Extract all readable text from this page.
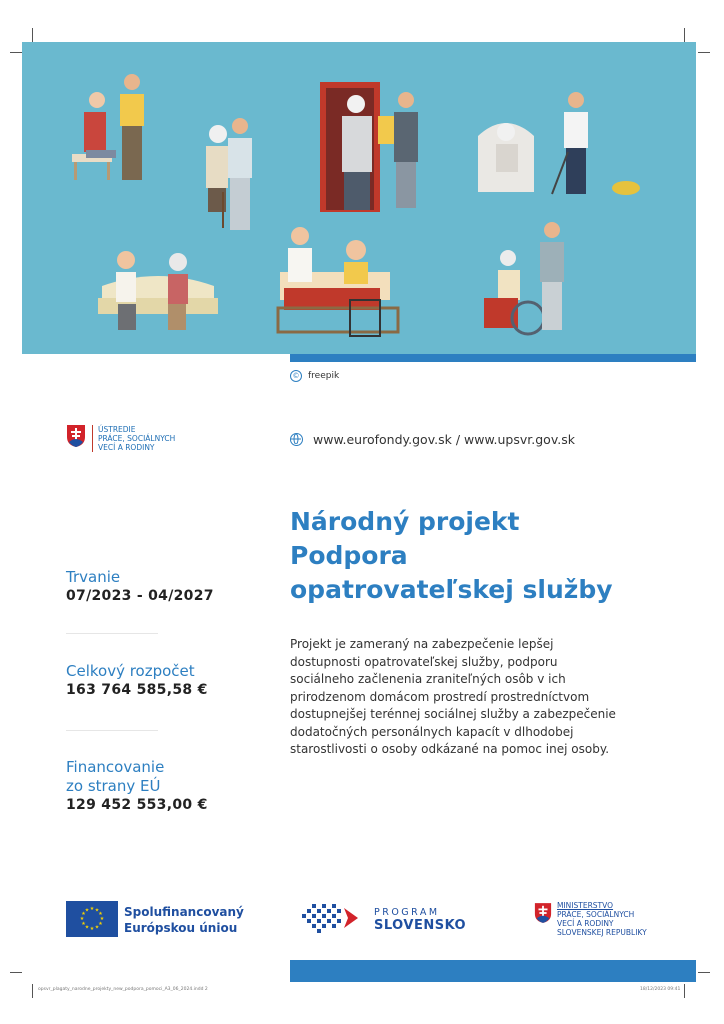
© freepik
ÚSTREDIE
PRÁCE, SOCIÁLNYCH
VECÍ A RODINY
www.eurofondy.gov.sk / www.upsvr.gov.sk
Národný projekt
Podpora
opatrovateľskej služby
Projekt je zameraný na zabezpečenie lepšej dostupnosti opatrovateľskej služby, podporu sociálneho začlenenia zraniteľných osôb v ich prirodzenom domácom prostredí prostredníctvom dostupnejšej terénnej sociálnej služby a zabezpečenie dodatočných personálnych kapacít v dlhodobej starostlivosti o osoby odkázané na pomoc inej osoby.
Trvanie
07/2023 - 04/2027
Celkový rozpočet
163 764 585,58 €
Financovanie
zo strany EÚ
129 452 553,00 €
★ ★
★
★
★
★
★
★
★
★
★
★	Spolufinancovaný
Európskou úniou
PROGRAM
SLOVENSKO
MINISTERSTVO
PRÁCE, SOCIÁLNYCH
VECÍ A RODINY
SLOVENSKEJ REPUBLIKY
opsvr_plagaty_narodne_projekty_new_podpora_pomoci_A3_06_2024.indd 2	18/12/2023 09:41
